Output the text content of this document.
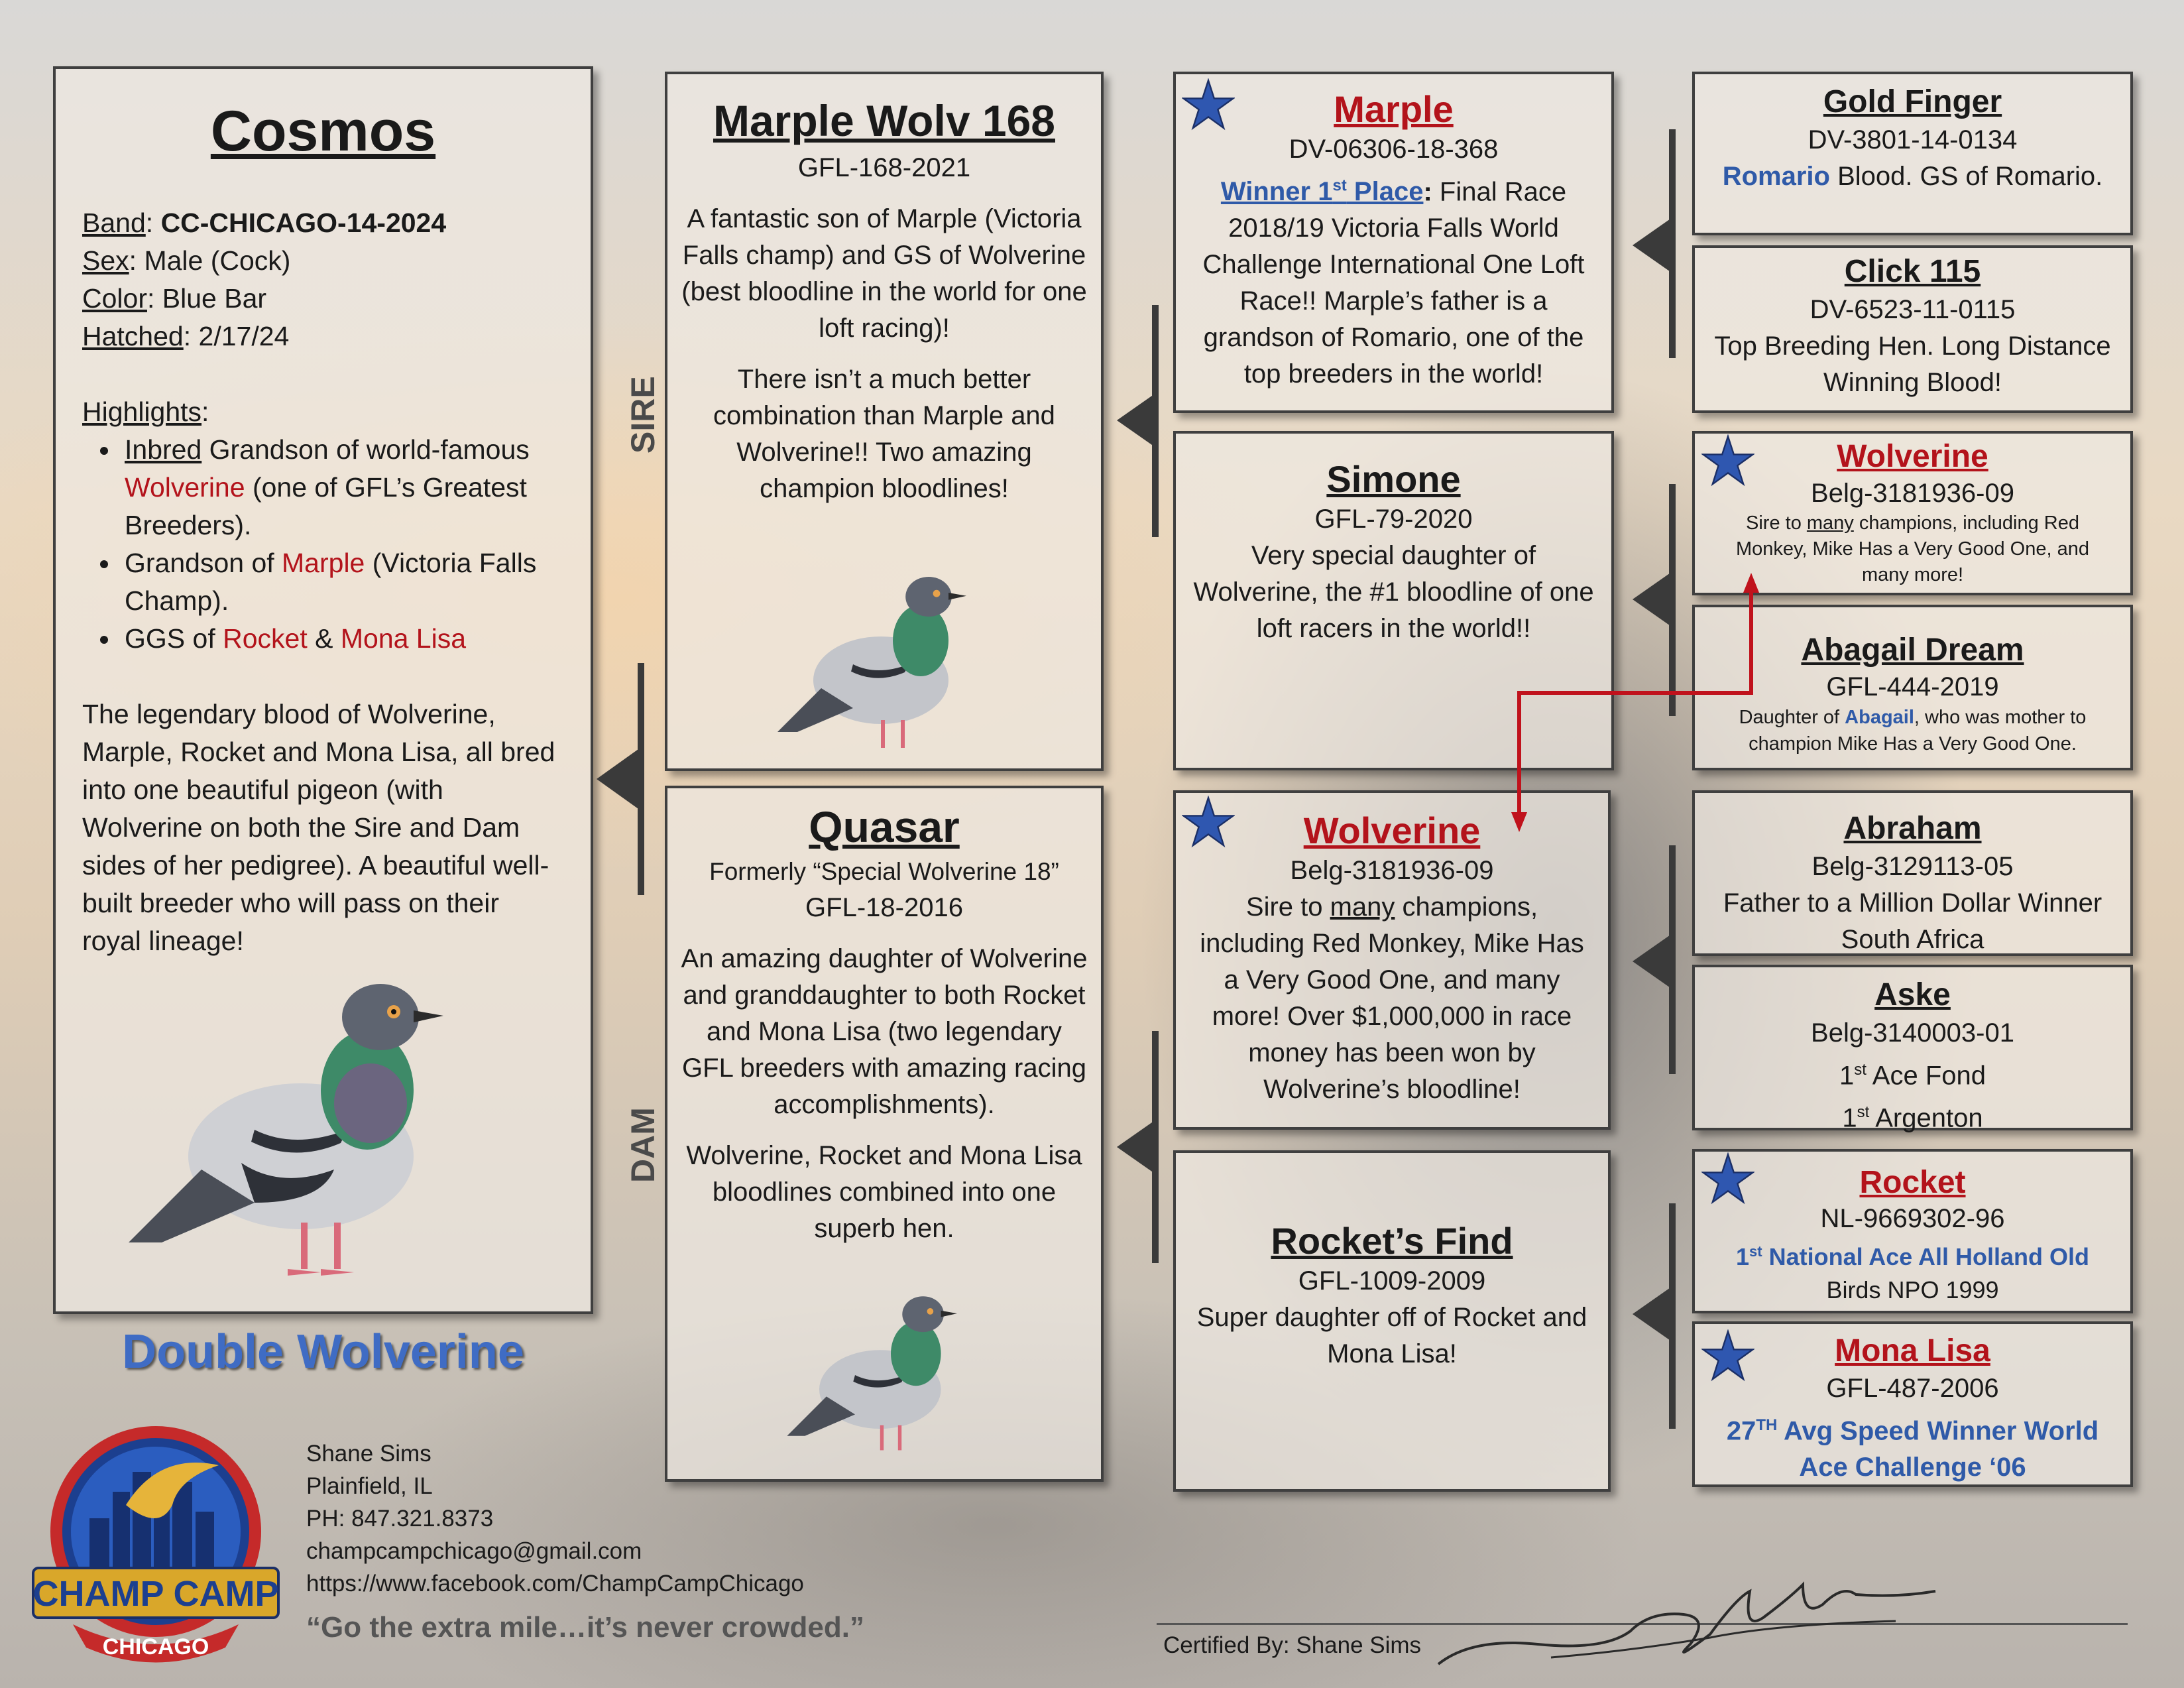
Cosmos
Band: CC-CHICAGO-14-2024
Sex: Male (Cock)
Color: Blue Bar
Hatched: 2/17/24
Highlights:
• Inbred Grandson of world-famous Wolverine (one of GFL’s Greatest Breeders).
• Grandson of Marple (Victoria Falls Champ).
• GGS of Rocket & Mona Lisa
The legendary blood of Wolverine, Marple, Rocket and Mona Lisa, all bred into one beautiful pigeon (with Wolverine on both the Sire and Dam sides of her pedigree). A beautiful well-built breeder who will pass on their royal lineage!
Double Wolverine
SIRE
DAM
Marple Wolv 168
GFL-168-2021
A fantastic son of Marple (Victoria Falls champ) and GS of Wolverine (best bloodline in the world for one loft racing)!
There isn’t a much better combination than Marple and Wolverine!! Two amazing champion bloodlines!
Quasar
Formerly “Special Wolverine 18”
GFL-18-2016
An amazing daughter of Wolverine and granddaughter to both Rocket and Mona Lisa (two legendary GFL breeders with amazing racing accomplishments).
Wolverine, Rocket and Mona Lisa bloodlines combined into one superb hen.
Marple
DV-06306-18-368
Winner 1st Place: Final Race 2018/19 Victoria Falls World Challenge International One Loft Race!! Marple’s father is a grandson of Romario, one of the top breeders in the world!
Simone
GFL-79-2020
Very special daughter of Wolverine, the #1 bloodline of one loft racers in the world!!
Wolverine
Belg-3181936-09
Sire to many champions, including Red Monkey, Mike Has a Very Good One, and many more! Over $1,000,000 in race money has been won by Wolverine’s bloodline!
Rocket’s Find
GFL-1009-2009
Super daughter off of Rocket and Mona Lisa!
Gold Finger
DV-3801-14-0134
Romario Blood. GS of Romario.
Click 115
DV-6523-11-0115
Top Breeding Hen. Long Distance Winning Blood!
Wolverine
Belg-3181936-09
Sire to many champions, including Red Monkey, Mike Has a Very Good One, and many more!
Abagail Dream
GFL-444-2019
Daughter of Abagail, who was mother to champion Mike Has a Very Good One.
Abraham
Belg-3129113-05
Father to a Million Dollar Winner South Africa
Aske
Belg-3140003-01
1st Ace Fond
1st Argenton
Rocket
NL-9669302-96
1st National Ace All Holland Old
Birds NPO 1999
Mona Lisa
GFL-487-2006
27TH Avg Speed Winner World Ace Challenge ‘06
CHAMP CAMP
CHICAGO
Shane Sims
Plainfield, IL
PH: 847.321.8373
champcampchicago@gmail.com
https://www.facebook.com/ChampCampChicago
“Go the extra mile…it’s never crowded.”
Certified By: Shane Sims
